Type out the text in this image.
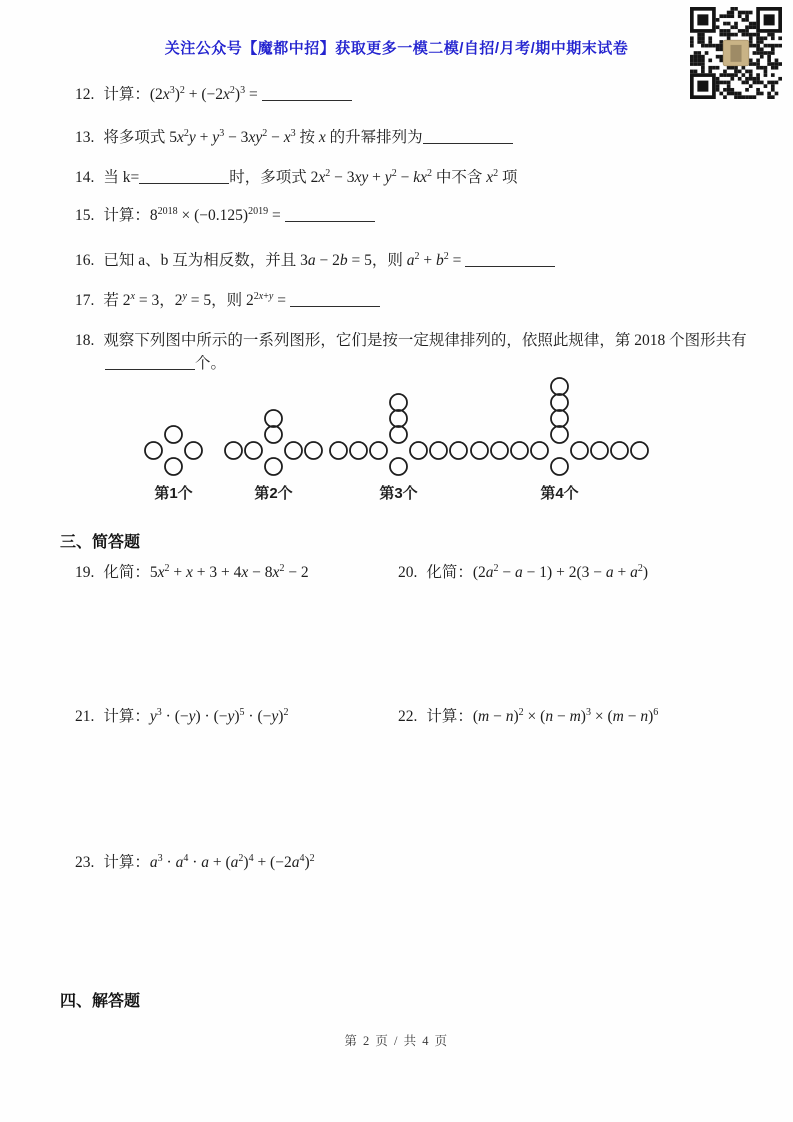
关注公众号【魔都中招】获取更多一模二模/自招/月考/期中期末试卷
12. 计算：$(2x^3)^2 + (-2x^2)^3$ =
13. 将多项式 $5x^2y + y^3 - 3xy^2 - x^3$ 按 x 的升幂排列为
14. 当 k=	时，多项式 $2x^2 - 3xy + y^2 - kx^2$ 中不含 $x^2$ 项
15. 计算：$8^{2018} \times (-0.125)^{2019}$ =
16. 已知 a、b 互为相反数，并且 3a − 2b = 5，则 $a^2 + b^2$ =
17. 若 $2^x = 3$，$2^y = 5$，则 $2^{2x+y}$ =
18. 观察下列图中所示的一系列图形，它们是按一定规律排列的，依照此规律，第 2018 个图形共有
个。
第1个	第2个	第3个	第4个
三、简答题
19. 化简：$5x^2 + x + 3 + 4x - 8x^2 - 2$	20. 化简：$(2a^2 - a - 1) + 2(3 - a + a^2)$
21. 计算：$y^3 \cdot (-y) \cdot (-y)^5 \cdot (-y)^2$	22. 计算：$(m - n)^2 \times (n - m)^3 \times (m - n)^6$
23. 计算：$a^3 \cdot a^4 \cdot a + (a^2)^4 + (-2a^4)^2$
四、解答题
第 2 页 / 共 4 页
